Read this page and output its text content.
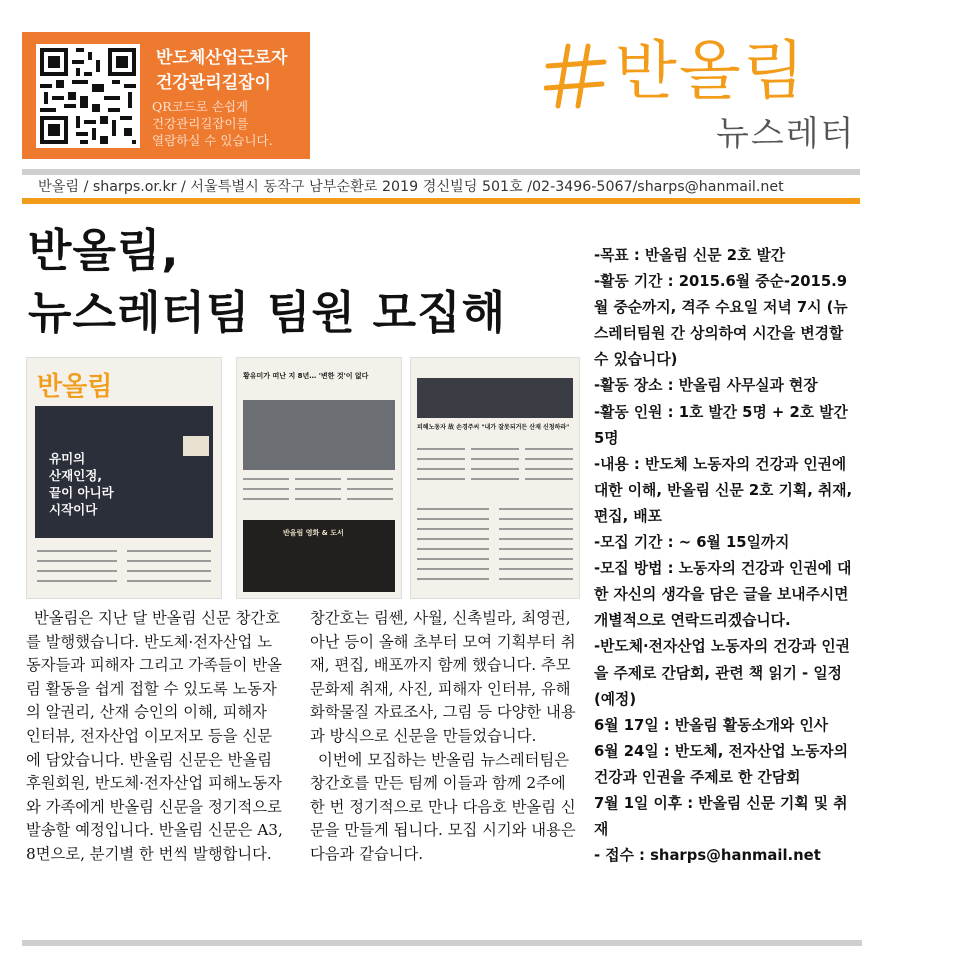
반도체산업근로자
건강관리길잡이
QR코드로 손쉽게
건강관리길잡이를
열람하실 수 있습니다.
반올림
뉴스레터
반올림 / sharps.or.kr / 서울특별시 동작구 남부순환로 2019 경신빌딩 501호 /02-3496-5067/sharps@hanmail.net
반올림,
뉴스레터팀 팀원 모집해
반올림
유미의
산재인정,
끝이 아니라
시작이다
황유미가 떠난 지 8년… '변한 것'이 없다
반올림 영화 & 도서
피해노동자 故 손경주씨 "내가 잘못되거든 산재 신청하라"

반올림은 지난 달 반올림 신문 창간호를 발행했습니다. 반도체·전자산업 노동자들과 피해자 그리고 가족들이 반올림 활동을 쉽게 접할 수 있도록 노동자의 알권리, 산재 승인의 이해, 피해자 인터뷰, 전자산업 이모저모 등을 신문에 담았습니다. 반올림 신문은 반올림 후원회원, 반도체·전자산업 피해노동자와 가족에게 반올림 신문을 정기적으로 발송할 예정입니다. 반올림 신문은 A3, 8면으로, 분기별 한 번씩 발행합니다.

창간호는 림쎈, 사월, 신촉빌라, 최영권, 아난 등이 올해 초부터 모여 기획부터 취재, 편집, 배포까지 함께 했습니다. 추모 문화제 취재, 사진, 피해자 인터뷰, 유해화학물질 자료조사, 그림 등 다양한 내용과 방식으로 신문을 만들었습니다.

이번에 모집하는 반올림 뉴스레터팀은 창간호를 만든 팀께 이들과 함께 2주에 한 번 정기적으로 만나 다음호 반올림 신문을 만들게 됩니다. 모집 시기와 내용은 다음과 같습니다.

-목표 : 반올림 신문 2호 발간

-활동 기간 : 2015.6월 중순-2015.9월 중순까지, 격주 수요일 저녁 7시 (뉴스레터팀원 간 상의하여 시간을 변경할 수 있습니다)

-활동 장소 : 반올림 사무실과 현장

-활동 인원 : 1호 발간 5명 + 2호 발간 5명

-내용 : 반도체 노동자의 건강과 인권에 대한 이해, 반올림 신문 2호 기획, 취재, 편집, 배포

-모집 기간 : ~ 6월 15일까지

-모집 방법 : 노동자의 건강과 인권에 대한 자신의 생각을 담은 글을 보내주시면 개별적으로 연락드리겠습니다.

-반도체·전자산업 노동자의 건강과 인권을 주제로 간담회, 관련 책 읽기 - 일정(예정)

6월 17일 : 반올림 활동소개와 인사

6월 24일 : 반도체, 전자산업 노동자의 건강과 인권을 주제로 한 간담회

7월 1일 이후 : 반올림 신문 기획 및 취재

- 접수 : sharps@hanmail.net
